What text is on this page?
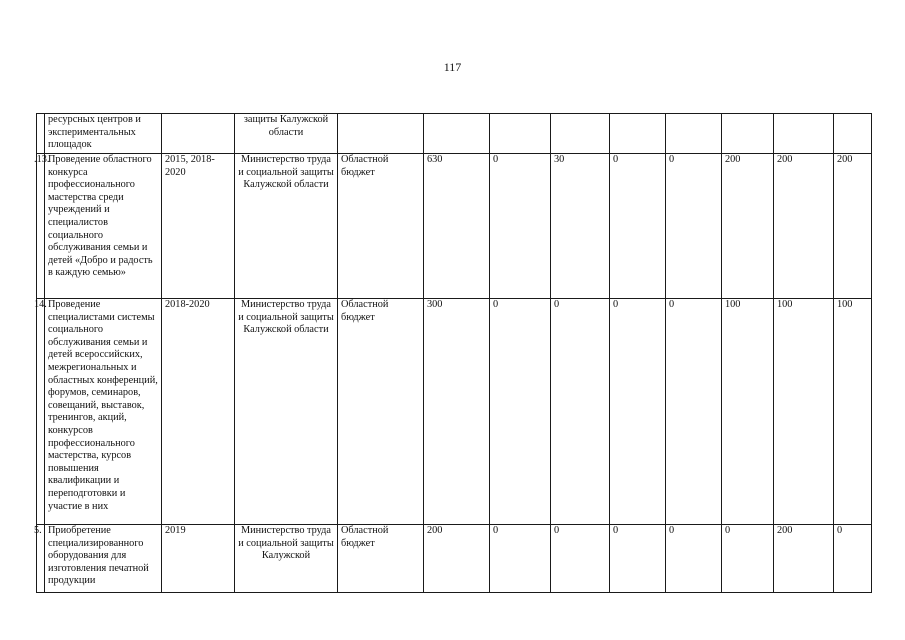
117
	ресурсных центров и экспериментальных площадок		защиты Калужской области									
.13.	Проведение областного конкурса профессионального мастерства среди учреждений и специалистов социального обслуживания семьи и детей «Добро и радость в каждую семью»	2015, 2018-2020	Министерство труда и социальной защиты Калужской области	Областной бюджет	630	0	30	0	0	200	200	200
14.	Проведение специалистами системы социального обслуживания семьи и детей всероссийских, межрегиональных и областных конференций, форумов, семинаров, совещаний, выставок, тренингов, акций, конкурсов профессионального мастерства, курсов повышения квалификации и переподготовки и участие в них	2018-2020	Министерство труда и социальной защиты Калужской области	Областной бюджет	300	0	0	0	0	100	100	100
5.	Приобретение специализированного оборудования для изготовления печатной продукции	2019	Министерство труда и социальной защиты Калужской	Областной бюджет	200	0	0	0	0	0	200	0
